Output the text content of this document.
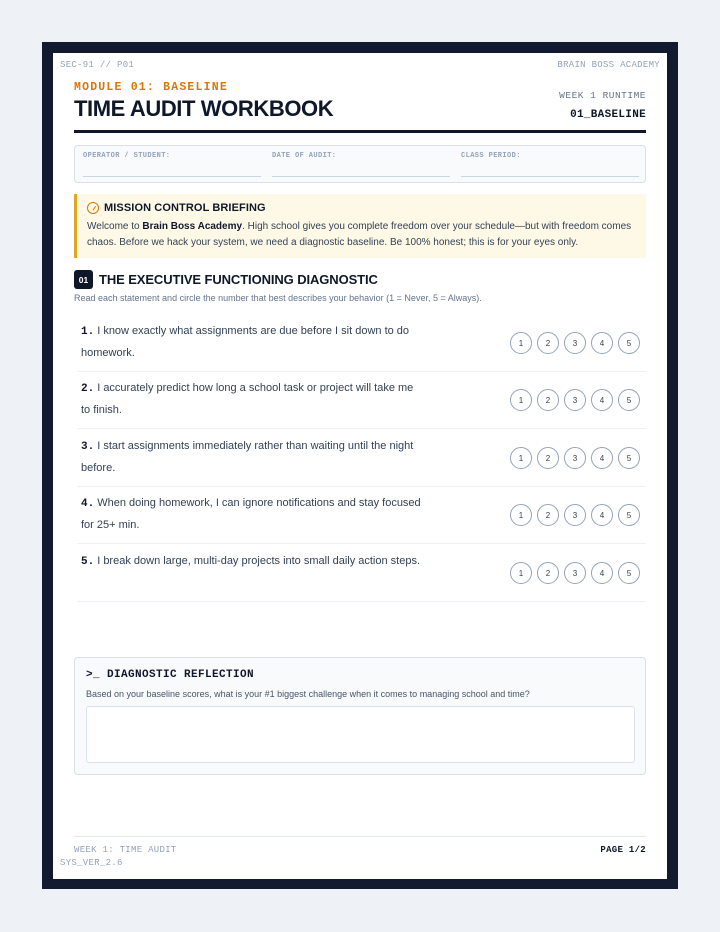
SEC-91 // P01	BRAIN BOSS ACADEMY
SYS_VER_2.6
MODULE 01: BASELINE
TIME AUDIT WORKBOOK
WEEK 1 RUNTIME
01_BASELINE
OPERATOR / STUDENT:	DATE OF AUDIT:	CLASS PERIOD:
MISSION CONTROL BRIEFING
Welcome to Brain Boss Academy. High school gives you complete freedom over your schedule—but with freedom comes chaos. Before we hack your system, we need a diagnostic baseline. Be 100% honest; this is for your eyes only.
01 THE EXECUTIVE FUNCTIONING DIAGNOSTIC
Read each statement and circle the number that best describes your behavior (1 = Never, 5 = Always).
1. I know exactly what assignments are due before I sit down to do homework.
1	2	3	4	5
2. I accurately predict how long a school task or project will take me to finish.
1	2	3	4	5
3. I start assignments immediately rather than waiting until the night before.
1	2	3	4	5
4. When doing homework, I can ignore notifications and stay focused for 25+ min.
1	2	3	4	5
5. I break down large, multi-day projects into small daily action steps.
1	2	3	4	5
>_ DIAGNOSTIC REFLECTION
Based on your baseline scores, what is your #1 biggest challenge when it comes to managing school and time?
WEEK 1: TIME AUDIT	PAGE 1/2
